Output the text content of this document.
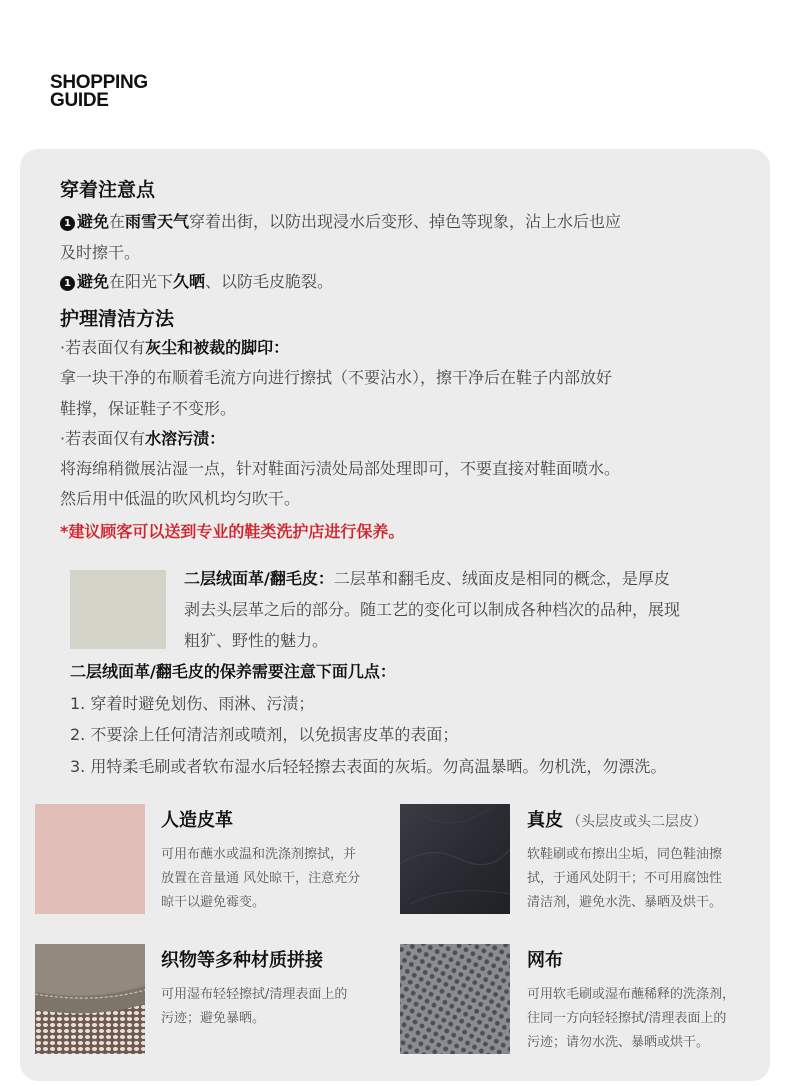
SHOPPING
GUIDE
穿着注意点
1 避免在雨雪天气穿着出街，以防出现浸水后变形、掉色等现象，沾上水后也应
及时擦干。
1 避免在阳光下久晒、以防毛皮脆裂。
护理清洁方法
·若表面仅有灰尘和被裁的脚印：
拿一块干净的布顺着毛流方向进行擦拭（不要沾水），擦干净后在鞋子内部放好
鞋撑，保证鞋子不变形。
·若表面仅有水溶污渍：
将海绵稍微展沾湿一点，针对鞋面污渍处局部处理即可，不要直接对鞋面喷水。
然后用中低温的吹风机均匀吹干。
*建议顾客可以送到专业的鞋类洗护店进行保养。
二层绒面革/翻毛皮：二层革和翻毛皮、绒面皮是相同的概念，是厚皮
剥去头层革之后的部分。随工艺的变化可以制成各种档次的品种，展现
粗犷、野性的魅力。
二层绒面革/翻毛皮的保养需要注意下面几点：
1. 穿着时避免划伤、雨淋、污渍；
2. 不要涂上任何清洁剂或喷剂，以免损害皮革的表面；
3. 用特柔毛刷或者软布湿水后轻轻擦去表面的灰垢。勿高温暴晒。勿机洗，勿漂洗。
人造皮革
可用布蘸水或温和洗涤剂擦拭，并
放置在音量通 风处晾干，注意充分
晾干以避免霉变。
真皮 （头层皮或头二层皮）
软鞋刷或布擦出尘垢，同色鞋油擦
拭，于通风处阴干；不可用腐蚀性
清洁剂，避免水洗、暴晒及烘干。
织物等多种材质拼接
可用湿布轻轻擦拭/清理表面上的
污迹；避免暴晒。
网布
可用软毛刷或湿布蘸稀释的洗涤剂，
往同一方向轻轻擦拭/清理表面上的
污迹；请勿水洗、暴晒或烘干。
